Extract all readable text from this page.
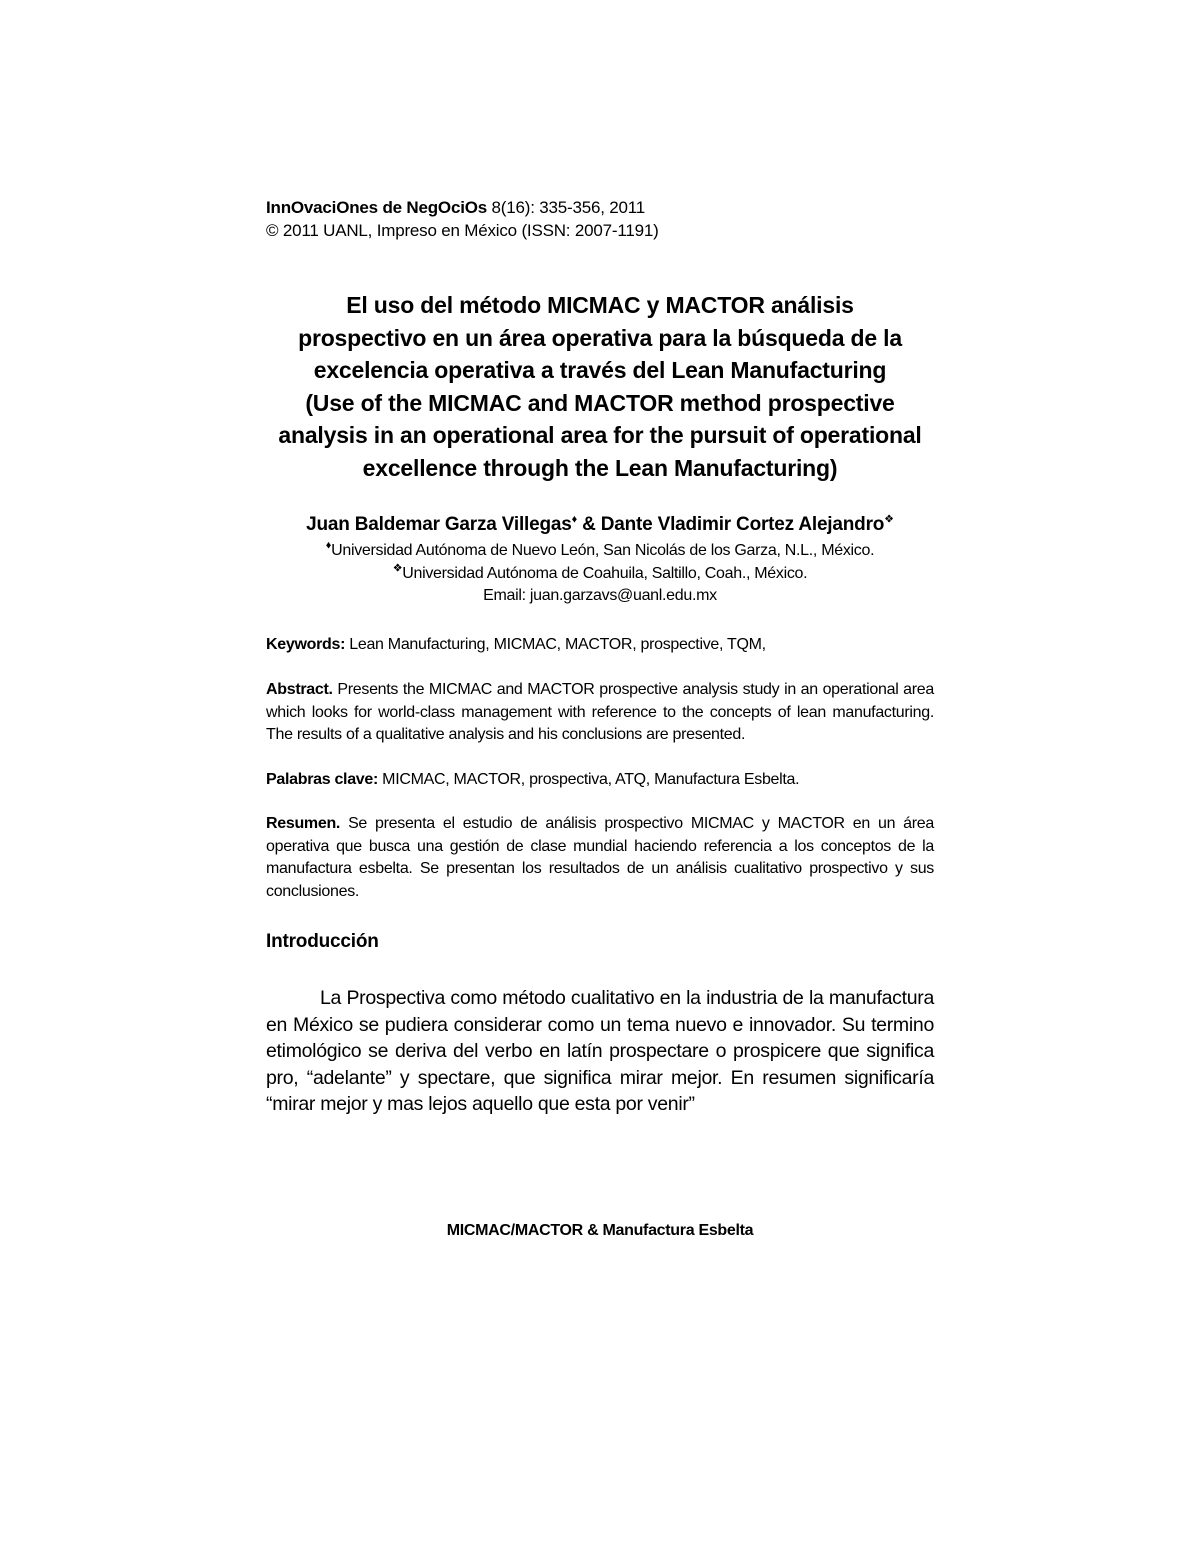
InnOvaciOnes de NegOciOs 8(16): 335-356, 2011
© 2011 UANL, Impreso en México (ISSN: 2007-1191)
El uso del método MICMAC y MACTOR análisis
prospectivo en un área operativa para la búsqueda de la
excelencia operativa a través del Lean Manufacturing
(Use of the MICMAC and MACTOR method prospective
analysis in an operational area for the pursuit of operational
excellence through the Lean Manufacturing)
Juan Baldemar Garza Villegas♦ & Dante Vladimir Cortez Alejandro❖
♦Universidad Autónoma de Nuevo León, San Nicolás de los Garza, N.L., México.
❖Universidad Autónoma de Coahuila, Saltillo, Coah., México.
Email: juan.garzavs@uanl.edu.mx
Keywords: Lean Manufacturing, MICMAC, MACTOR, prospective, TQM,
Abstract. Presents the MICMAC and MACTOR prospective analysis study in an operational area which looks for world-class management with reference to the concepts of lean manufacturing. The results of a qualitative analysis and his conclusions are presented.
Palabras clave: MICMAC, MACTOR, prospectiva, ATQ, Manufactura Esbelta.
Resumen. Se presenta el estudio de análisis prospectivo MICMAC y MACTOR en un área operativa que busca una gestión de clase mundial haciendo referencia a los conceptos de la manufactura esbelta. Se presentan los resultados de un análisis cualitativo prospectivo y sus conclusiones.
Introducción
La Prospectiva como método cualitativo en la industria de la manufactura en México se pudiera considerar como un tema nuevo e innovador. Su termino etimológico se deriva del verbo en latín prospectare o prospicere que significa pro, “adelante” y spectare, que significa mirar mejor. En resumen significaría “mirar mejor y mas lejos aquello que esta por venir”
MICMAC/MACTOR & Manufactura Esbelta
